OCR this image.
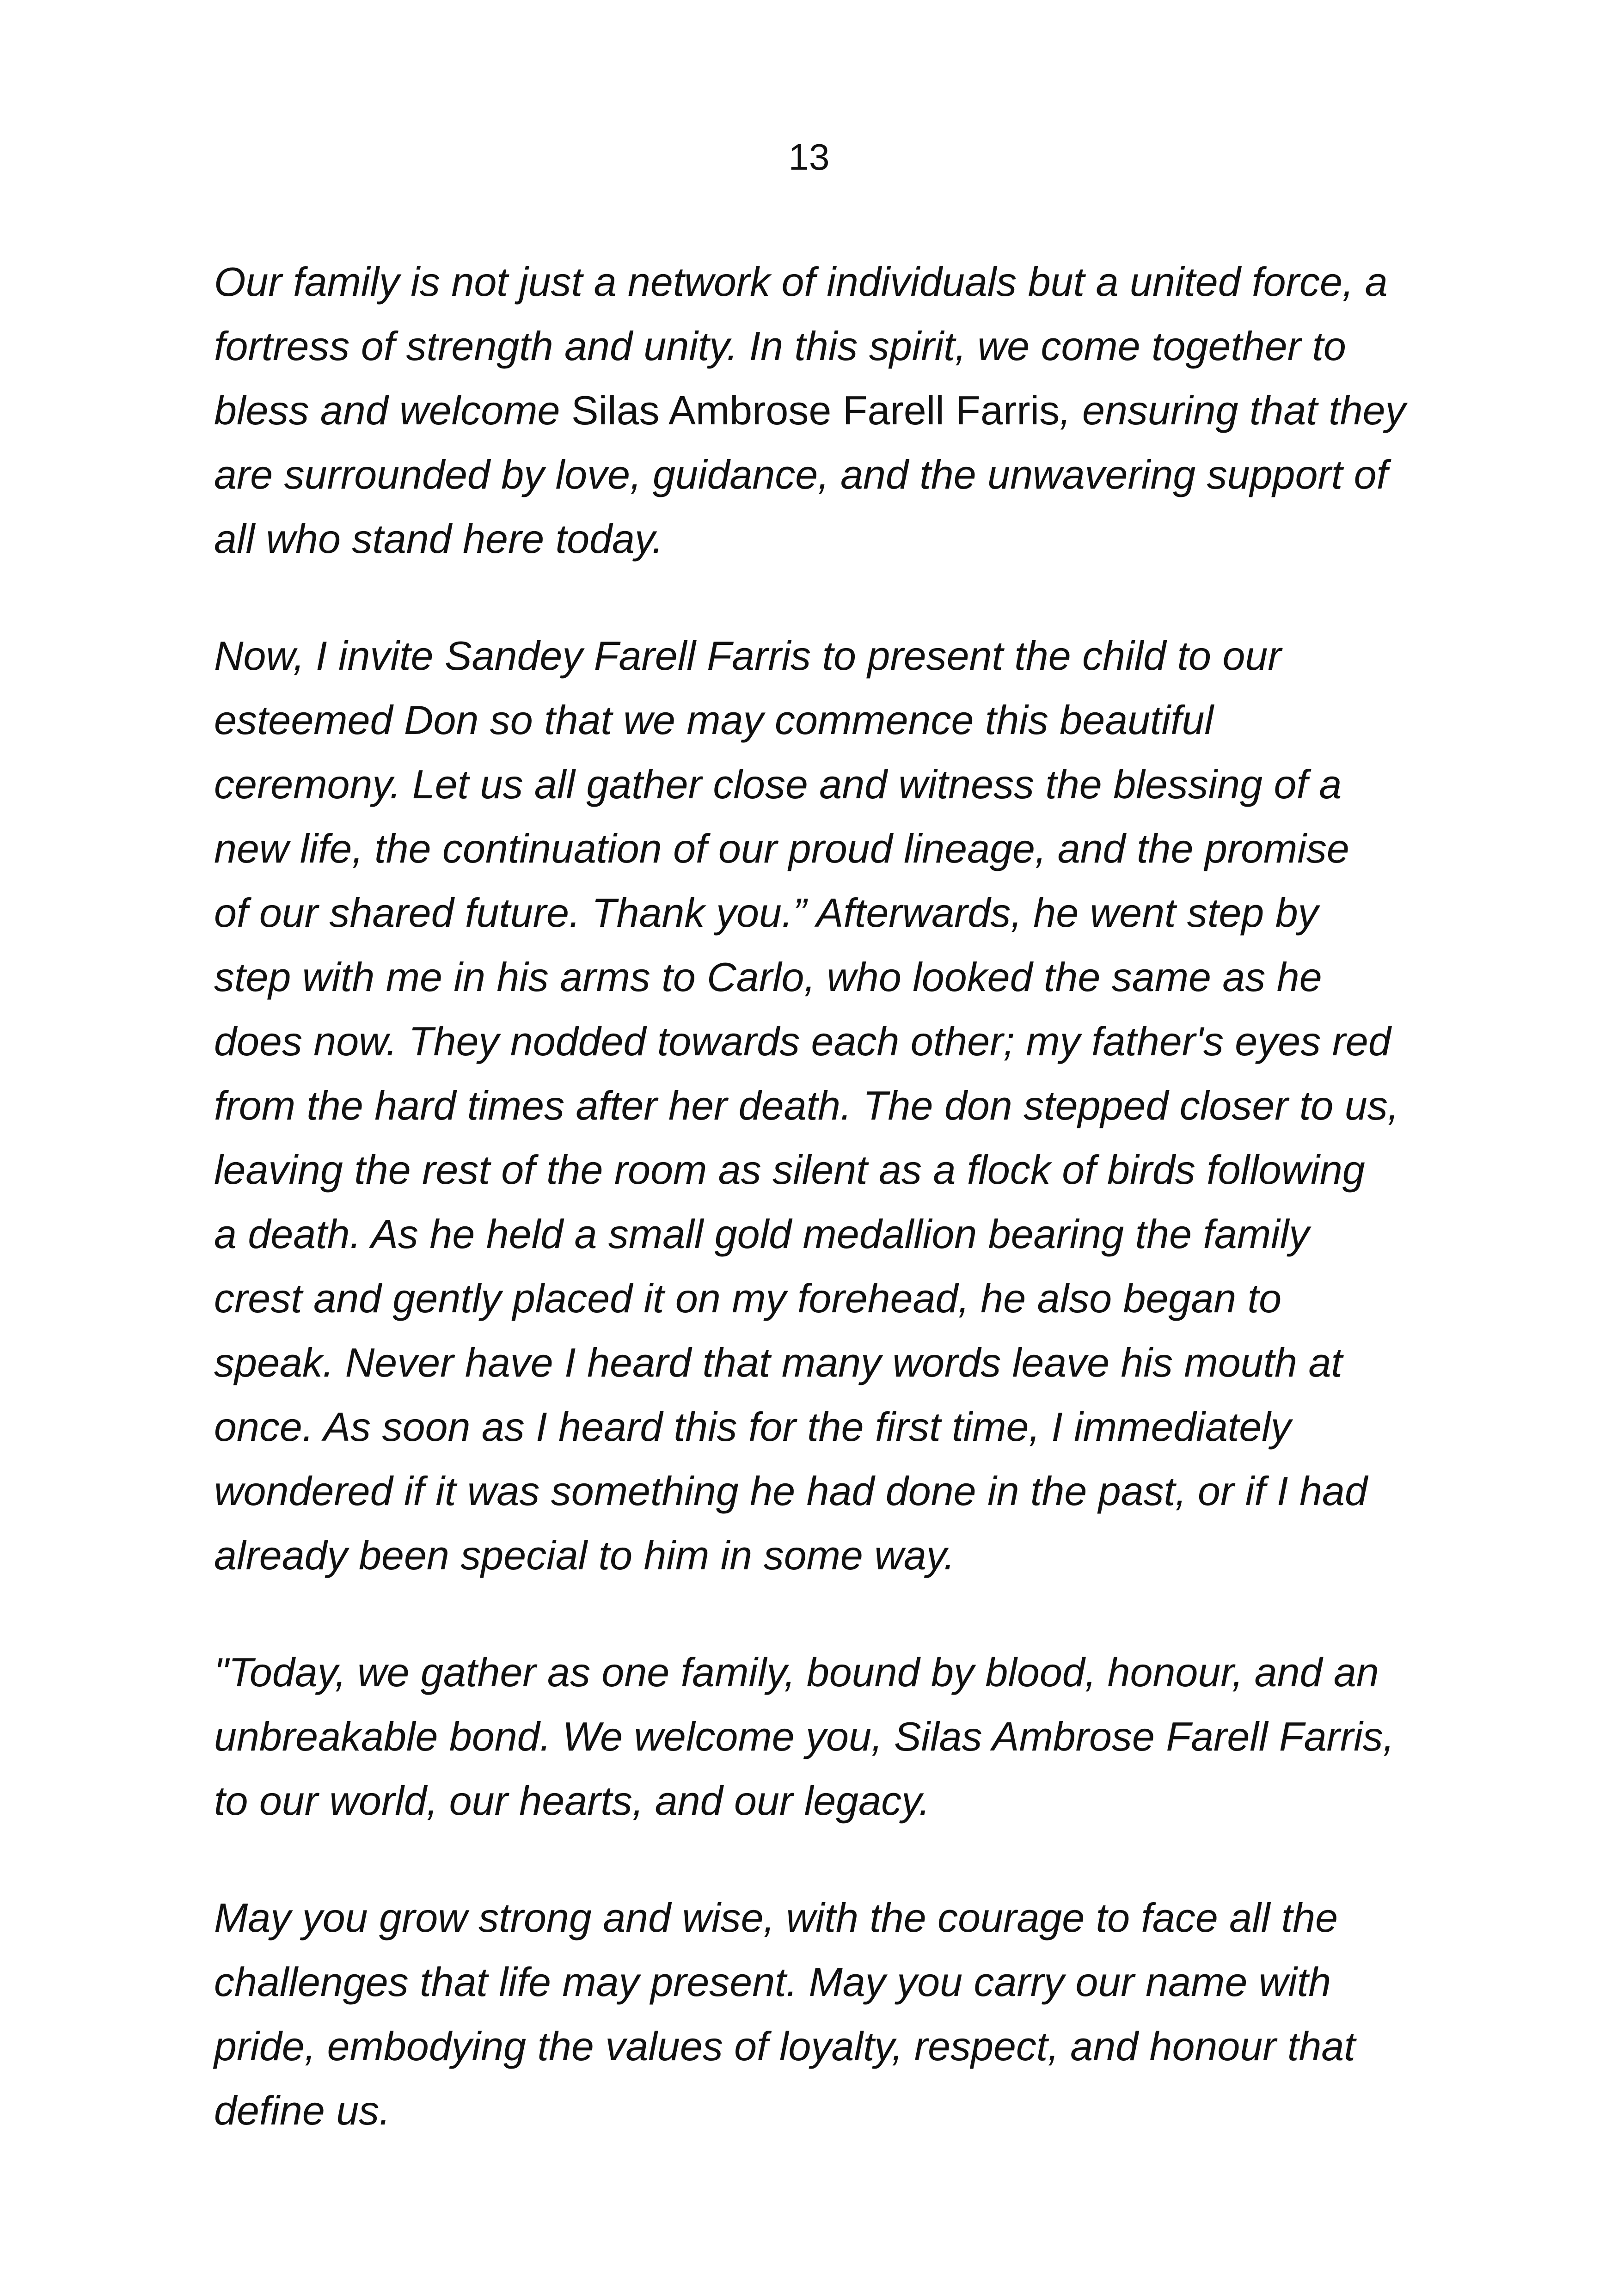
13
Our family is not just a network of individuals but a united force, a
fortress of strength and unity. In this spirit, we come together to
bless and welcome Silas Ambrose Farell Farris, ensuring that they
are surrounded by love, guidance, and the unwavering support of
all who stand here today.
Now, I invite Sandey Farell Farris to present the child to our
esteemed Don so that we may commence this beautiful
ceremony. Let us all gather close and witness the blessing of a
new life, the continuation of our proud lineage, and the promise
of our shared future. Thank you.” Afterwards, he went step by
step with me in his arms to Carlo, who looked the same as he
does now. They nodded towards each other; my father's eyes red
from the hard times after her death. The don stepped closer to us,
leaving the rest of the room as silent as a flock of birds following
a death. As he held a small gold medallion bearing the family
crest and gently placed it on my forehead, he also began to
speak. Never have I heard that many words leave his mouth at
once. As soon as I heard this for the first time, I immediately
wondered if it was something he had done in the past, or if I had
already been special to him in some way.
"Today, we gather as one family, bound by blood, honour, and an
unbreakable bond. We welcome you, Silas Ambrose Farell Farris,
to our world, our hearts, and our legacy.
May you grow strong and wise, with the courage to face all the
challenges that life may present. May you carry our name with
pride, embodying the values of loyalty, respect, and honour that
define us.
